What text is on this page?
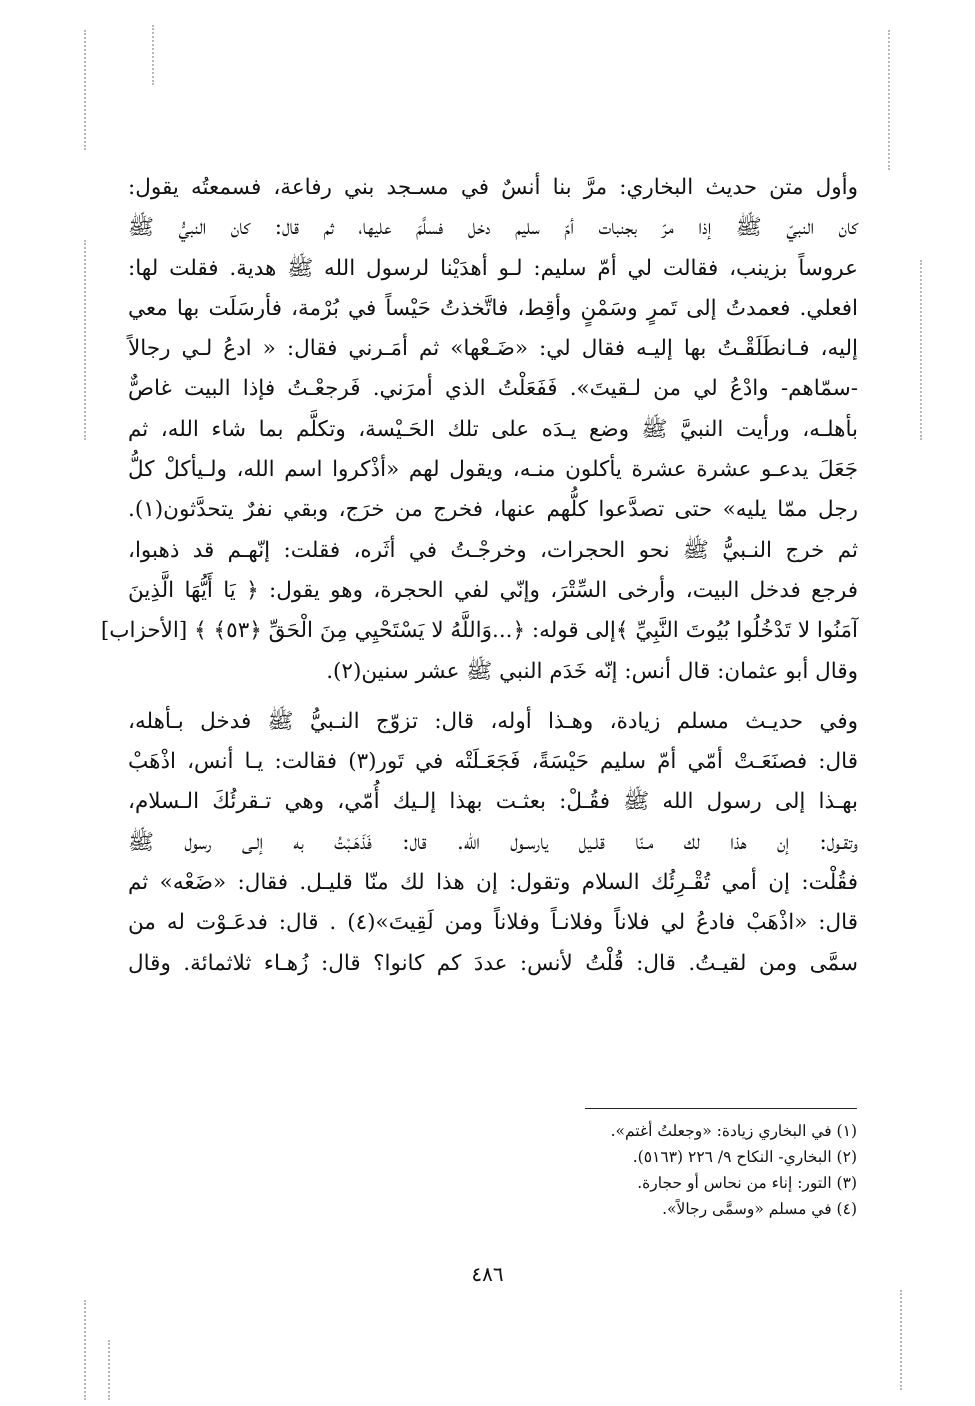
وأول متن حديث البخاري: مرَّ بنا أنسٌ في مسـجد بني رفاعة، فسمعتُه يقول:
كان النبيّ ﷺ إذا مرّ بجنبات أمّ سليم دخل فسلَّمَ عليها، ثم قال: كان النبيُّ ﷺ
عروساً بزينب، فقالت لي أمّ سليم: لـو أهدَيْنا لرسول الله ﷺ هدية. فقلت لها:
افعلي. فعمدتُ إلى تَمرٍ وسَمْنٍ وأقِط، فاتَّخذتُ حَيْساً في بُرْمة، فأرسَلَت بها معي
إليه، فـانطَلَقْـتُ بها إليـه فقال لي: «ضَـعْها» ثم أمَـرني فقال: « ادعُ لـي رجالاً
-سمّاهم- وادْعُ لي من لـقيتَ». فَفَعَلْتُ الذي أمرَني. فَرجعْـتُ فإذا البيت غاصٌّ
بأهلـه، ورأيت النبيَّ ﷺ وضع يـدَه على تلك الحَـيْسة، وتكلَّم بما شاء الله، ثم
جَعَلَ يدعـو عشرة عشرة يأكلون منـه، ويقول لهم «أذْكروا اسم الله، ولـيأكلْ كلُّ
رجل ممّا يليه» حتى تصدَّعوا كلُّهم عنها، فخرج من خرَج، وبقي نفرٌ يتحدَّثون(١).
ثم خرج النـبيُّ ﷺ نحو الحجرات، وخرجْـتُ في أثَره، فقلت: إنّهـم قد ذهبوا،
فرجع فدخل البيت، وأرخى السِّتْرَ، وإنّي لفي الحجرة، وهو يقول: ﴿ يَا أَيُّهَا الَّذِينَ
آمَنُوا لا تَدْخُلُوا بُيُوتَ النَّبِيِّ ﴾إلى قوله: ﴿...وَاللَّهُ لا يَسْتَحْيِي مِنَ الْحَقِّ ﴿٥٣﴾ ﴾ [الأحزاب]
وقال أبو عثمان: قال أنس: إنّه خَدَم النبي ﷺ عشر سنين(٢).

وفي حديـث مسلم زيادة، وهـذا أوله، قال: تزوّج النـبيُّ ﷺ فدخل بـأهله،
قال: فصنَعَـتْ أمّي أمّ سليم حَيْسَةً، فَجَعَـلَتْه في تَور(٣) فقالت: يـا أنس، اذْهَبْ
بهـذا إلى رسول الله ﷺ فقُـلْ: بعثـت بهذا إلـيك أُمّي، وهي تـقرئُكَ الـسلام،
وتقـول: إن هذا لك مـنّا قلـيل يارسـول الله. قال: فَذَهَـبْتُ به إلـى رسول ﷺ
فقُلْت: إن أمي تُقْـرِئُك السلام وتقول: إن هذا لك منّا قليـل. فقال: «ضَعْه» ثم
قال: «اذْهَبْ فادعُ لي فلاناً وفلانـاً وفلاناً ومن لَقِيتَ»(٤) . قال: فدعَـوْت له من
سمَّى ومن لقيـتُ. قال: قُلْتُ لأنس: عددَ كم كانوا؟ قال: زُهـاء ثلاثمائة. وقال

(١) في البخاري زيادة: «وجعلتُ أغتم».
(٢) البخاري- النكاح ٩/ ٢٢٦ (٥١٦٣).
(٣) التور: إناء من نحاس أو حجارة.
(٤) في مسلم «وسمَّى رجالاً».
٤٨٦
